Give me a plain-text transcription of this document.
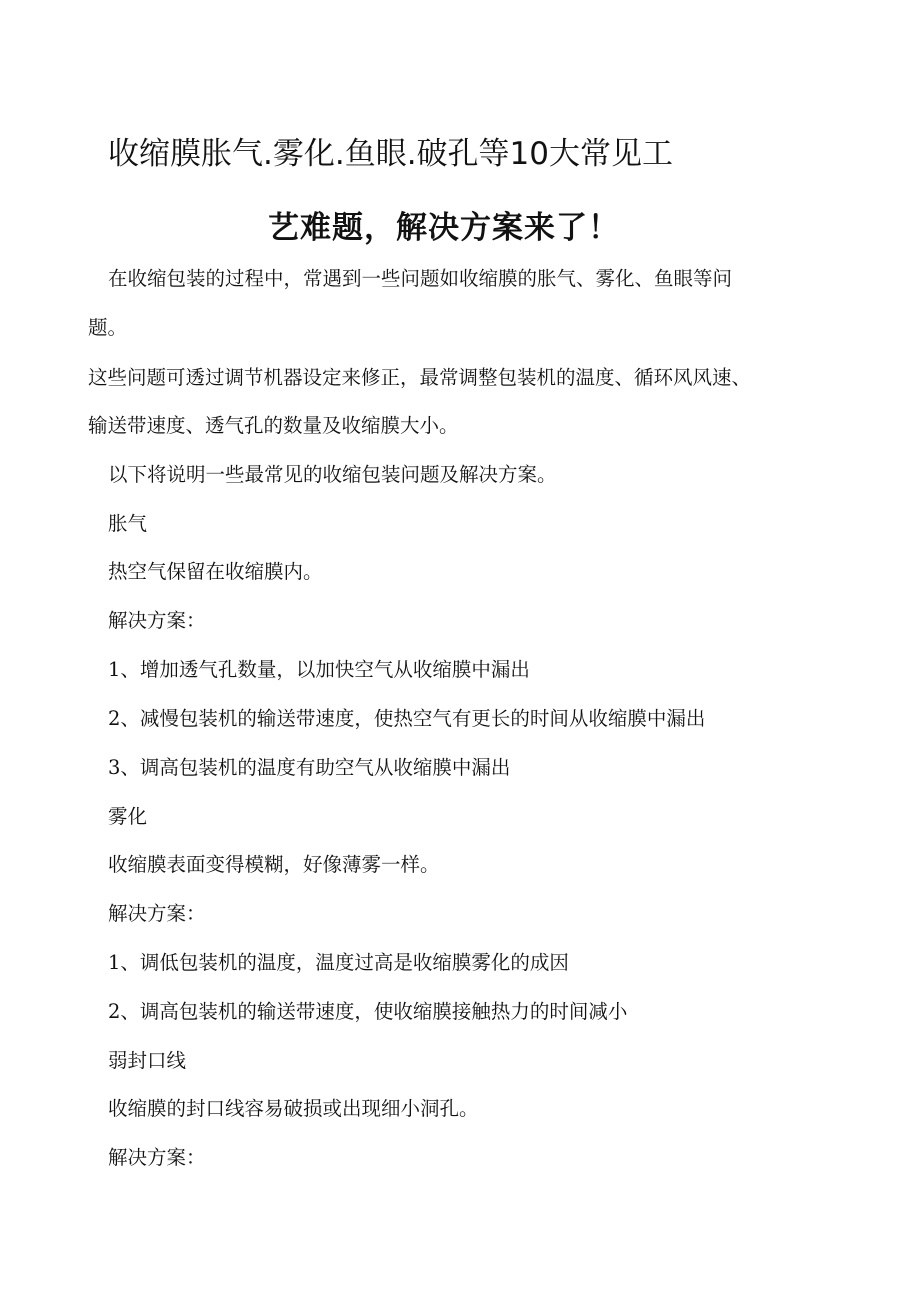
收缩膜胀气.雾化.鱼眼.破孔等10大常见工
艺难题，解决方案来了！
在收缩包装的过程中，常遇到一些问题如收缩膜的胀气、雾化、鱼眼等问
题。
这些问题可透过调节机器设定来修正，最常调整包装机的温度、循环风风速、
输送带速度、透气孔的数量及收缩膜大小。
以下将说明一些最常见的收缩包装问题及解决方案。
胀气
热空气保留在收缩膜内。
解决方案：
1、增加透气孔数量，以加快空气从收缩膜中漏出
2、减慢包装机的输送带速度，使热空气有更长的时间从收缩膜中漏出
3、调高包装机的温度有助空气从收缩膜中漏出
雾化
收缩膜表面变得模糊，好像薄雾一样。
解决方案：
1、调低包装机的温度，温度过高是收缩膜雾化的成因
2、调高包装机的输送带速度，使收缩膜接触热力的时间减小
弱封口线
收缩膜的封口线容易破损或出现细小洞孔。
解决方案：
